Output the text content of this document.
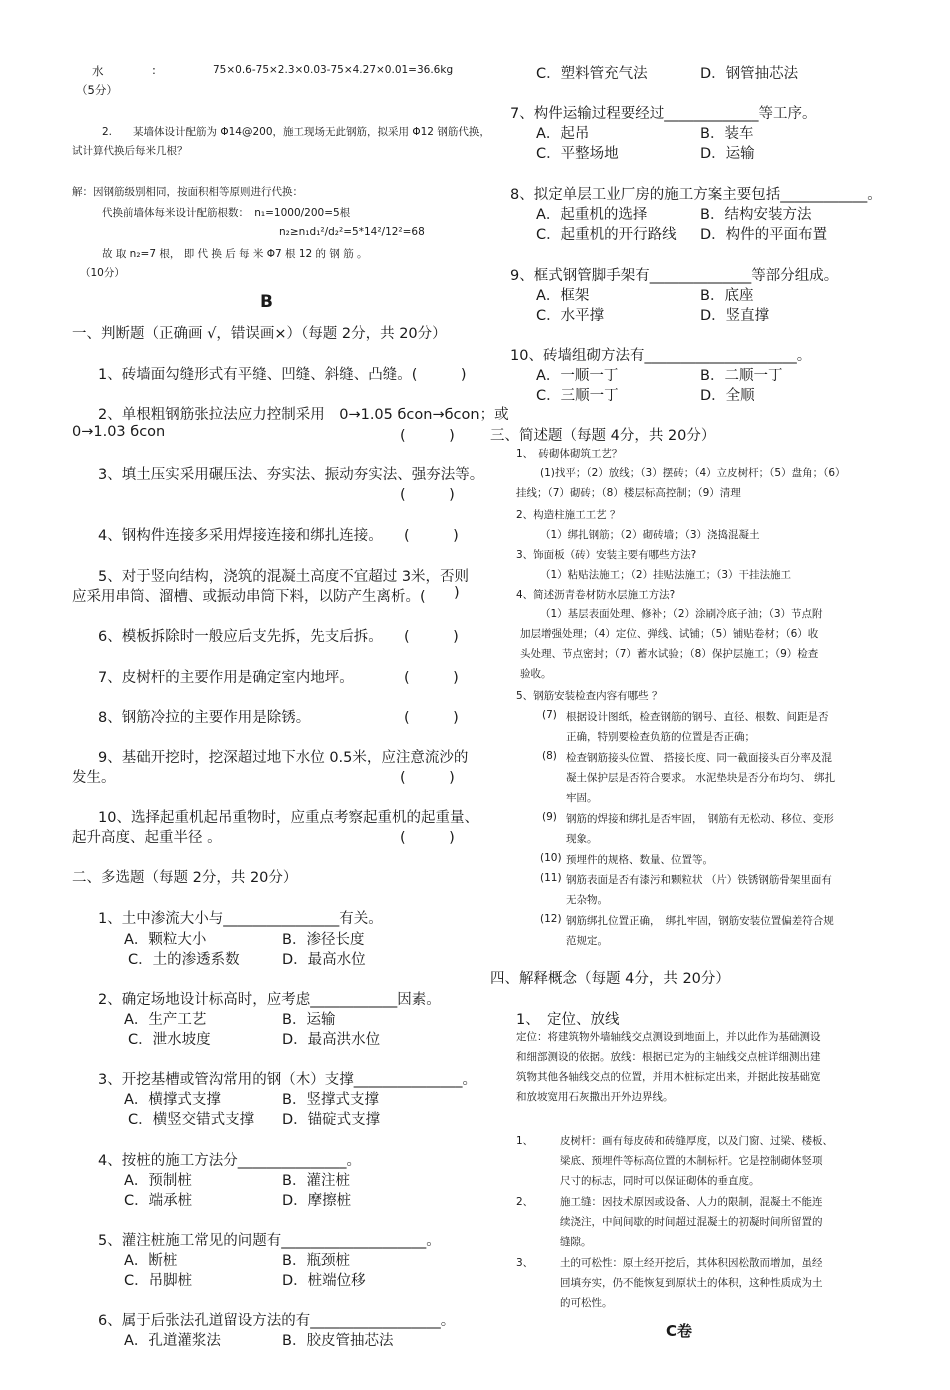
水	:	75×0.6-75×2.3×0.03-75×4.27×0.01=36.6kg
（5分）
2.　　某墙体设计配筋为 Φ14@200，施工现场无此钢筋，拟采用 Φ12 钢筋代换，
试计算代换后每米几根？
解：因钢筋级别相同，按面积相等原则进行代换：
代换前墙体每米设计配筋根数：　n₁=1000/200=5根
n₂≥n₁d₁²/d₂²=5*14²/12²=68
故 取 n₂=7 根， 即 代 换 后 每 米 Φ7 根 12 的 钢 筋 。
（10分）
B
一、判断题（正确画 √，错误画×）（每题 2分，共 20分）
1、砖墙面勾缝形式有平缝、凹缝、斜缝、凸缝。(　　　)
2、单根粗钢筋张拉法应力控制采用　0→1.05 бcon→бcon；或
0→1.03 бcon	(　　　)
3、填土压实采用碾压法、夯实法、振动夯实法、强夯法等。
(　　　)
4、钢构件连接多采用焊接连接和绑扎连接。 (　　　)
5、对于竖向结构，浇筑的混凝土高度不宜超过 3米，否则
应采用串筒、溜槽、或振动串筒下料，以防产生离析。( )
6、模板拆除时一般应后支先拆，先支后拆。 (　　　)
7、皮树杆的主要作用是确定室内地坪。	(　　　)
8、钢筋冷拉的主要作用是除锈。	(　　　)
9、基础开挖时，挖深超过地下水位 0.5米，应注意流沙的
发生。	(　　　)
10、选择起重机起吊重物时，应重点考察起重机的起重量、
起升高度、起重半径 。	(　　　)
二、多选题（每题 2分，共 20分）
1、土中渗流大小与________________有关。
A．颗粒大小	B．渗径长度
C．土的渗透系数	D．最高水位
2、确定场地设计标高时，应考虑____________因素。
A．生产工艺	B．运输
C．泄水坡度	D．最高洪水位
3、开挖基槽或管沟常用的钢（木）支撑_______________。
A．横撑式支撑	B．竖撑式支撑
C．横竖交错式支撑 D．锚碇式支撑
4、按桩的施工方法分_______________。
A．预制桩	B．灌注桩
C．端承桩	D．摩擦桩
5、灌注桩施工常见的问题有____________________。
A．断桩	B．瓶颈桩
C．吊脚桩	D．桩端位移
6、属于后张法孔道留设方法的有__________________。
A．孔道灌浆法	B．胶皮管抽芯法
C．塑料管充气法	D．钢管抽芯法
7、构件运输过程要经过_____________等工序。
A．起吊	B．装车
C．平整场地	D．运输
8、拟定单层工业厂房的施工方案主要包括____________。
A．起重机的选择	B．结构安装方法
C．起重机的开行路线 D．构件的平面布置
9、框式钢管脚手架有______________等部分组成。
A．框架	B．底座
C．水平撑	D．竖直撑
10、砖墙组砌方法有_____________________。
A．一顺一丁	B．二顺一丁
C．三顺一丁	D．全顺
三、简述题（每题 4分，共 20分）
1、　砖砌体砌筑工艺？
(1)找平；（2）放线；（3）摆砖；（4）立皮树杆；（5）盘角；（6）
挂线；（7）砌砖；（8）楼层标高控制；（9）清理
2、构造柱施工工艺 ？
（1）绑扎钢筋；（2）砌砖墙；（3）浇捣混凝土
3、饰面板（砖）安装主要有哪些方法?
（1）粘贴法施工；（2）挂贴法施工；（3）干挂法施工
4、简述沥青卷材防水层施工方法?
（1）基层表面处理、修补；（2）涂刷冷底子油；（3）节点附
加层增强处理；（4）定位、弹线、试铺；（5）铺贴卷材；（6）收
头处理、节点密封；（7）蓄水试验；（8）保护层施工；（9）检查
验收。
5、钢筋安装检查内容有哪些 ？
(7) 根据设计图纸，检查钢筋的钢号、直径、根数、间距是否
正确，特别要检查负筋的位置是否正确；
(8) 检查钢筋接头位置、 搭接长度、同一截面接头百分率及混
凝土保护层是否符合要求。 水泥垫块是否分布均匀、 绑扎
牢固。
(9) 钢筋的焊接和绑扎是否牢固，　钢筋有无松动、移位、变形
现象。
(10) 预埋件的规格、数量、位置等。
(11) 钢筋表面是否有漆污和颗粒状 （片）铁锈钢筋骨架里面有
无杂物。
(12) 钢筋绑扎位置正确，　绑扎牢固，钢筋安装位置偏差符合规
范规定。
四、解释概念（每题 4分，共 20分）
1、　定位、放线
定位：将建筑物外墙轴线交点测设到地面上，并以此作为基础测设
和细部测设的依据。放线：根据已定为的主轴线交点桩详细测出建
筑物其他各轴线交点的位置，并用木桩标定出来，并据此按基础宽
和放坡宽用石灰撒出开外边界线。
1、	皮树杆：画有每皮砖和砖缝厚度，以及门窗、过梁、楼板、
梁底、预埋件等标高位置的木制标杆。它是控制砌体竖项
尺寸的标志，同时可以保证砌体的垂直度。
2、	施工缝：因技术原因或设备、人力的限制，混凝土不能连
续浇注，中间间歇的时间超过混凝土的初凝时间所留置的
缝隙。
3、	土的可松性：原土经开挖后，其体积因松散而增加，虽经
回填夯实，仍不能恢复到原状土的体积，这种性质成为土
的可松性。
C卷
